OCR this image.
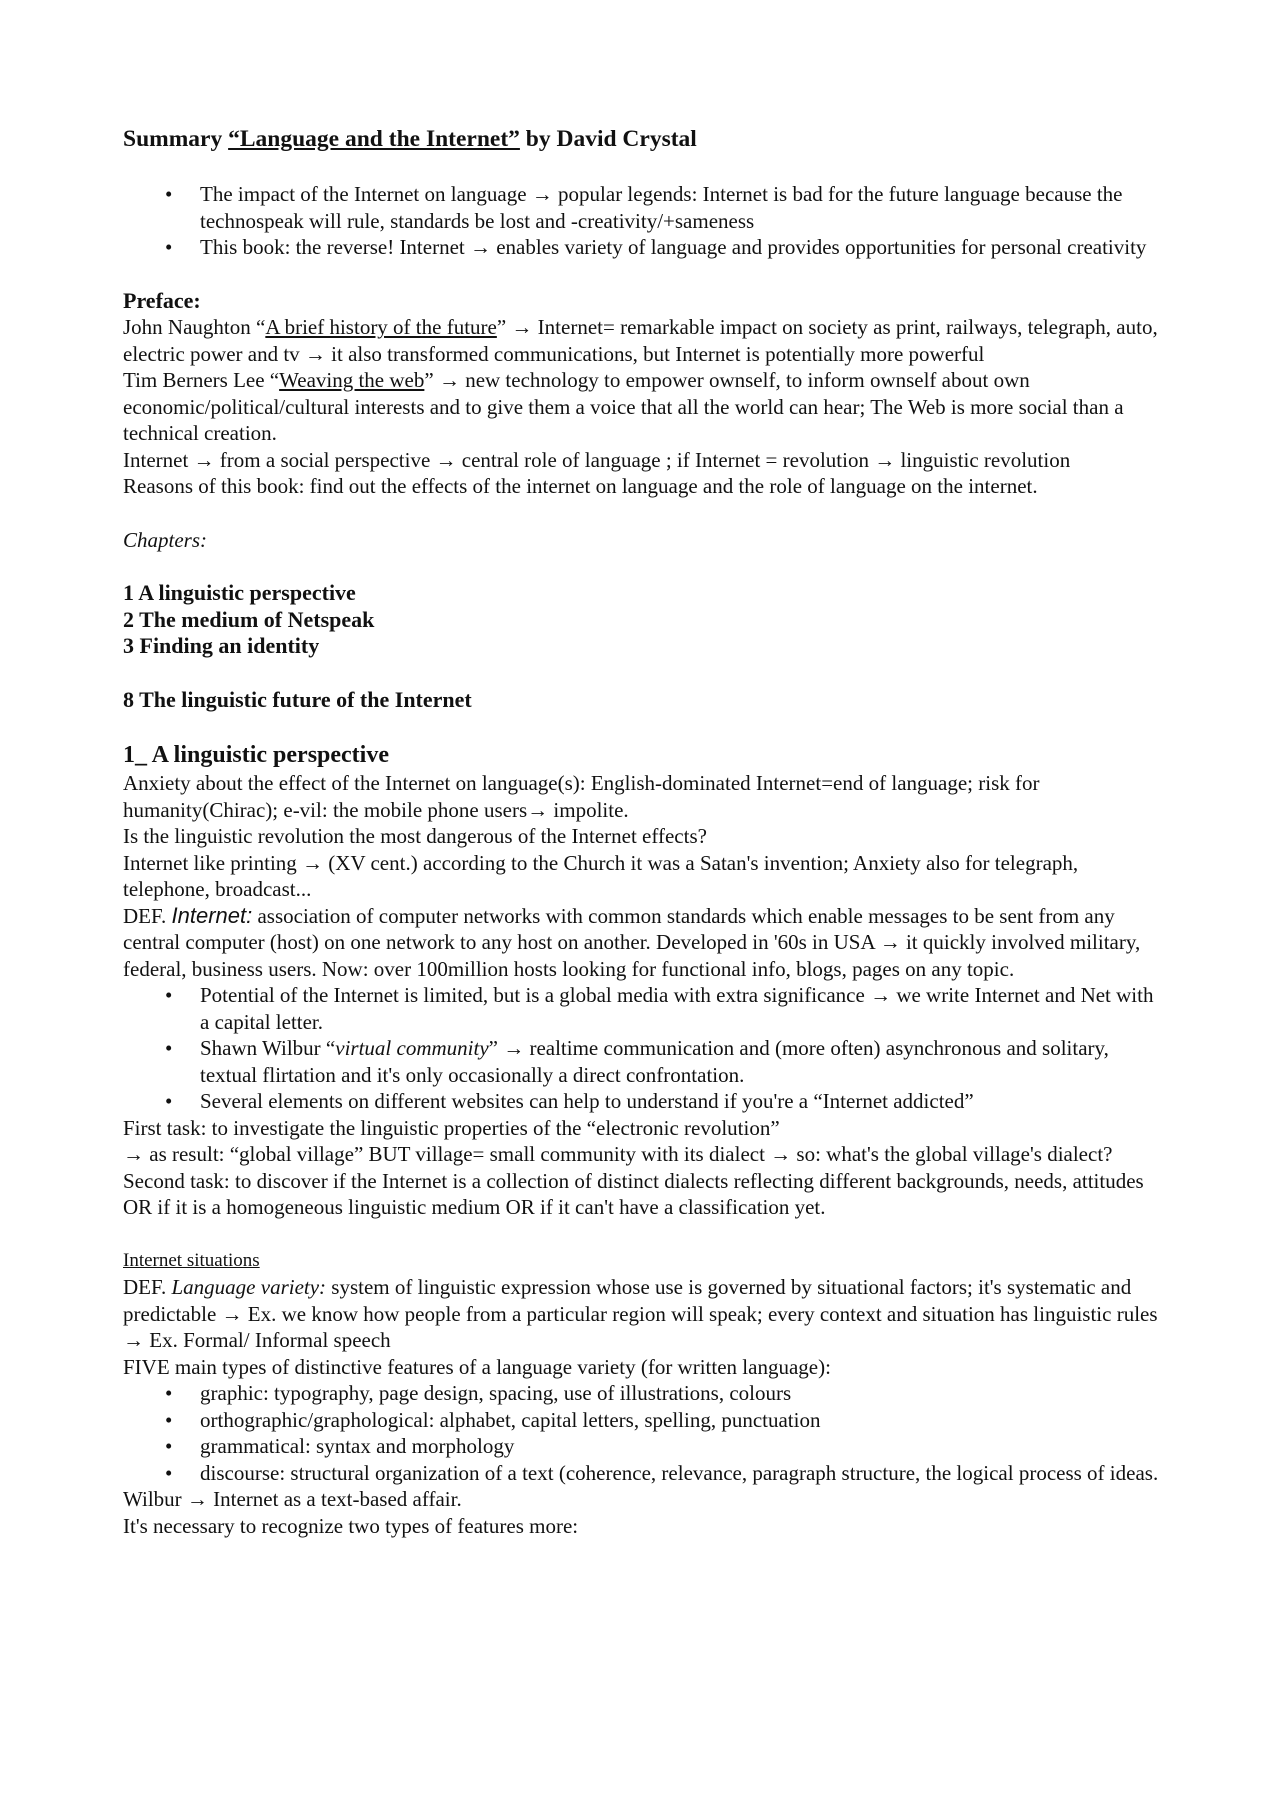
Summary “Language and the Internet” by David Crystal

• The impact of the Internet on language → popular legends: Internet is bad for the future language because the technospeak will rule, standards be lost and -creativity/+sameness
• This book: the reverse! Internet → enables variety of language and provides opportunities for personal creativity

Preface:

John Naughton “A brief history of the future” → Internet= remarkable impact on society as print, railways, telegraph, auto, electric power and tv → it also transformed communications, but Internet is potentially more powerful

Tim Berners Lee “Weaving the web” → new technology to empower ownself, to inform ownself about own economic/political/cultural interests and to give them a voice that all the world can hear; The Web is more social than a technical creation.

Internet → from a social perspective → central role of language ; if Internet = revolution → linguistic revolution

Reasons of this book: find out the effects of the internet on language and the role of language on the internet.

Chapters:

1 A linguistic perspective

2 The medium of Netspeak

3 Finding an identity

8 The linguistic future of the Internet

1_ A linguistic perspective

Anxiety about the effect of the Internet on language(s): English-dominated Internet=end of language; risk for humanity(Chirac); e-vil: the mobile phone users→ impolite.

Is the linguistic revolution the most dangerous of the Internet effects?

Internet like printing → (XV cent.) according to the Church it was a Satan's invention; Anxiety also for telegraph, telephone, broadcast...

DEF. Internet: association of computer networks with common standards which enable messages to be sent from any central computer (host) on one network to any host on another. Developed in '60s in USA → it quickly involved military, federal, business users. Now: over 100million hosts looking for functional info, blogs, pages on any topic.

• Potential of the Internet is limited, but is a global media with extra significance → we write Internet and Net with a capital letter.
• Shawn Wilbur “virtual community” → realtime communication and (more often) asynchronous and solitary, textual flirtation and it's only occasionally a direct confrontation.
• Several elements on different websites can help to understand if you're a “Internet addicted”

First task: to investigate the linguistic properties of the “electronic revolution”

→ as result: “global village” BUT village= small community with its dialect → so: what's the global village's dialect?

Second task: to discover if the Internet is a collection of distinct dialects reflecting different backgrounds, needs, attitudes OR if it is a homogeneous linguistic medium OR if it can't have a classification yet.

Internet situations

DEF. Language variety: system of linguistic expression whose use is governed by situational factors; it's systematic and predictable → Ex. we know how people from a particular region will speak; every context and situation has linguistic rules → Ex. Formal/ Informal speech

FIVE main types of distinctive features of a language variety (for written language):

• graphic: typography, page design, spacing, use of illustrations, colours
• orthographic/graphological: alphabet, capital letters, spelling, punctuation
• grammatical: syntax and morphology
• discourse: structural organization of a text (coherence, relevance, paragraph structure, the logical process of ideas.

Wilbur → Internet as a text-based affair.

It's necessary to recognize two types of features more:
